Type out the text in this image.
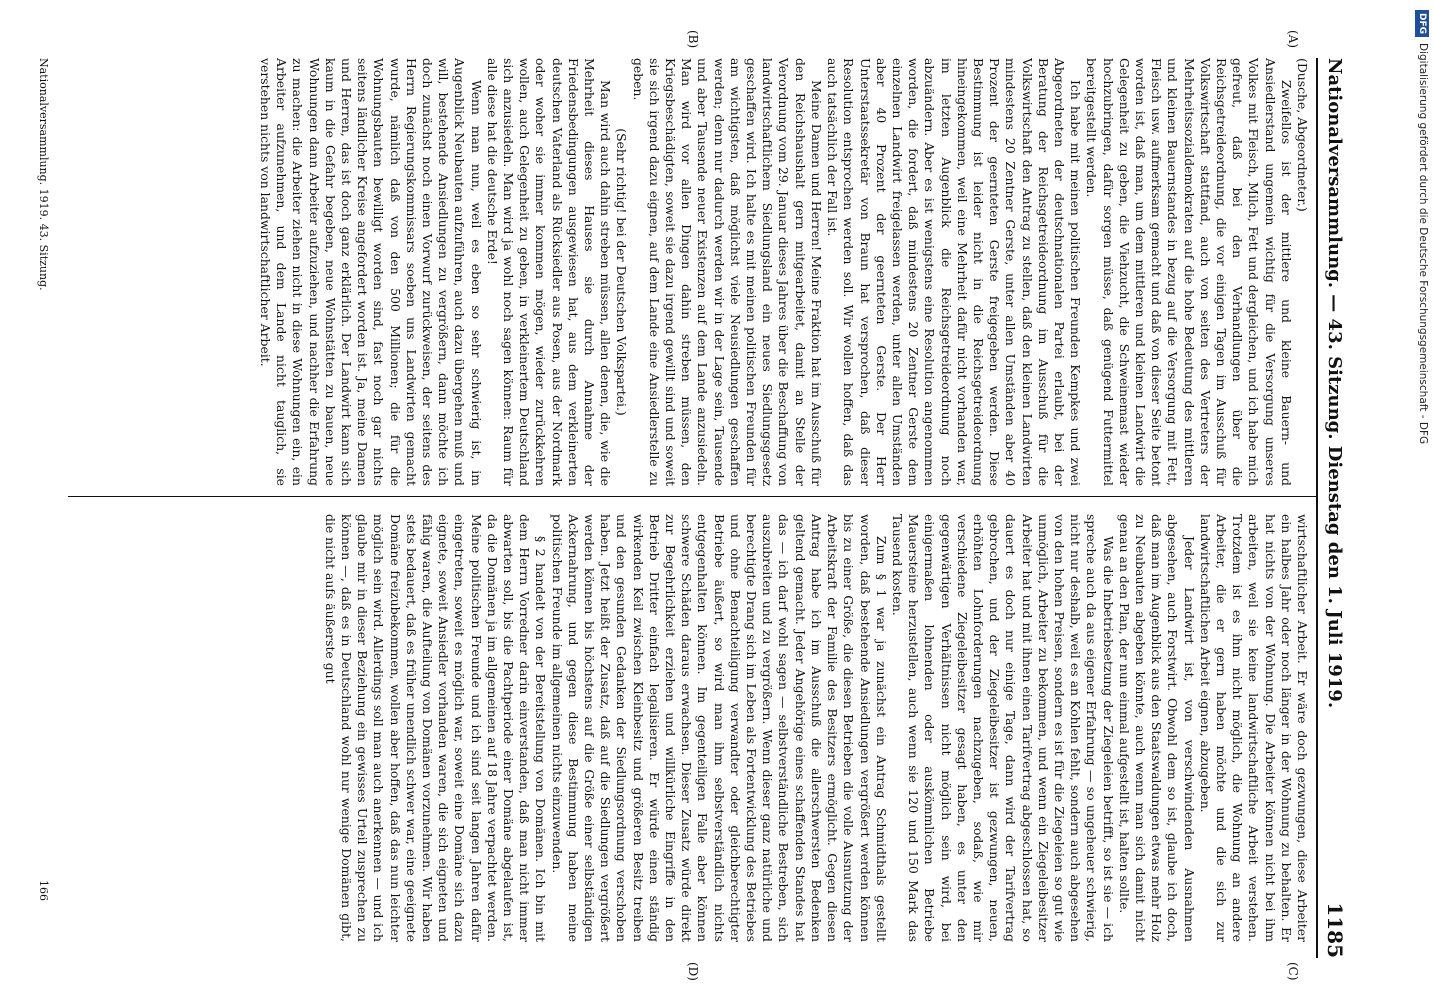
Nationalversammlung. — 43. Sitzung. Dienstag den 1. Juli 1919.
1185
(A)
(B)
(C)
(D)

(Dusche, Abgeordneter.)

Zweifellos ist der mittlere und kleine Bauern- und Ansiedlerstand ungemein wichtig für die Versorgung unseres Volkes mit Fleisch, Milch, Fett und dergleichen, und ich habe mich gefreut, daß bei den Verhandlungen über die Reichsgetreideordnung, die vor einigen Tagen im Ausschuß für Volkswirtschaft stattfand, auch von seiten des Vertreters der Mehrheitssozialdemokraten auf die hohe Bedeutung des mittleren und kleinen Bauernstandes in bezug auf die Versorgung mit Fett, Fleisch usw. aufmerksam gemacht und daß von dieser Seite betont worden ist, daß man, um dem mittleren und kleinen Landwirt die Gelegenheit zu geben, die Viehzucht, die Schweinemast wieder hochzubringen, dafür sorgen müsse, daß genügend Futtermittel bereitgestellt werden.

Ich habe mit meinen politischen Freunden Kempkes und zwei Abgeordneten der deutschnationalen Partei erlaubt, bei der Beratung der Reichsgetreideordnung im Ausschuß für die Volkswirtschaft den Antrag zu stellen, daß den kleinen Landwirten mindestens 20 Zentner Gerste, unter allen Umständen aber 40 Prozent der geernteten Gerste freigegeben werden. Diese Bestimmung ist leider nicht in die Reichsgetreideordnung hineingekommen, weil eine Mehrheit dafür nicht vorhanden war, im letzten Augenblick die Reichsgetreideordnung noch abzuändern. Aber es ist wenigstens eine Resolution angenommen worden, die fordert, daß mindestens 20 Zentner Gerste dem einzelnen Landwirt freigelassen werden, unter allen Umständen aber 40 Prozent der geernteten Gerste. Der Herr Unterstaatssekretär von Braun hat versprochen, daß dieser Resolution entsprochen werden soll. Wir wollen hoffen, daß das auch tatsächlich der Fall ist.

Meine Damen und Herren! Meine Fraktion hat im Ausschuß für den Reichshaushalt gern mitgearbeitet, damit an Stelle der Verordnung vom 29. Januar dieses Jahres über die Beschaffung von landwirtschaftlichem Siedlungsland ein neues Siedlungsgesetz geschaffen wird. Ich halte es mit meinen politischen Freunden für am wichtigsten, daß möglichst viele Neusiedlungen geschaffen werden; denn nur dadurch werden wir in der Lage sein, Tausende und aber Tausende neuer Existenzen auf dem Lande anzusiedeln. Man wird vor allen Dingen dahin streben müssen, den Kriegsbeschädigten, soweit sie dazu irgend gewillt sind und soweit sie sich irgend dazu eignen, auf dem Lande eine Ansiedlerstelle zu geben.

(Sehr richtig! bei der Deutschen Volkspartei.)

Man wird auch dahin streben müssen, allen denen, die, wie die Mehrheit dieses Hauses sie durch Annahme der Friedensbedingungen ausgewiesen hat, aus dem verkleinerten deutschen Vaterland als Rücksiedler aus Posen, aus der Nordmark oder woher sie immer kommen mögen, wieder zurückkehren wollen, auch Gelegenheit zu geben, in verkleinertem Deutschland sich anzusiedeln. Man wird ja wohl noch sagen können: Raum für alle diese hat die deutsche Erde!

Wenn man nun, weil es eben so sehr schwierig ist, im Augenblick Neubauten aufzuführen, auch dazu übergehen muß und will, bestehende Ansiedlungen zu vergrößern, dann möchte ich doch zunächst noch einen Vorwurf zurückweisen, der seitens des Herrn Regierungskommissars soeben uns Landwirten gemacht wurde, nämlich daß von den 500 Millionen; die für die Wohnungsbauten bewilligt worden sind, fast noch gar nichts seitens ländlicher Kreise angefordert worden ist. Ja, meine Damen und Herren, das ist doch ganz erklärlich. Der Landwirt kann sich kaum in die Gefahr begeben, neue Wohnstätten zu bauen, neue Wohnungen dann Arbeiter aufzuziehen, und nachher die Erfahrung zu machen: die Arbeiter ziehen nicht in diese Wohnungen ein, ein Arbeiter aufzunehmen, und dem Lande nicht tauglich, sie verstehen nichts von landwirtschaftlicher Arbeit.

wirtschaftlicher Arbeit. Er wäre doch gezwungen, diese Arbeiter ein halbes Jahr oder noch länger in der Wohnung zu behalten. Er hat nichts von der Wohnung. Die Arbeiter können nicht bei ihm arbeiten, weil sie keine landwirtschaftliche Arbeit verstehen. Trotzdem ist es ihm nicht möglich, die Wohnung an andere Arbeiter, die er gern haben möchte und die sich zur landwirtschaftlichen Arbeit eignen, abzugeben.

Jeder Landwirt ist, von verschwindenden Ausnahmen abgesehen, auch Forstwirt. Obwohl dem so ist, glaube ich doch, daß man im Augenblick aus den Staatswaldungen etwas mehr Holz zu Neubauten abgeben könnte, auch wenn man sich damit nicht genau an den Plan, der nun einmal aufgestellt ist, halten sollte.

Was die Inbetriebsetzung der Ziegeleien betrifft, so ist sie — ich spreche auch da aus eigener Erfahrung — so ungeheuer schwierig, nicht nur deshalb, weil es an Kohlen fehlt, sondern auch abgesehen von den hohen Preisen, sondern es ist für die Ziegeleien so gut wie unmöglich, Arbeiter zu bekommen, und wenn ein Ziegeleibesitzer Arbeiter hat und mit ihnen einen Tarifvertrag abgeschlossen hat, so dauert es doch nur einige Tage, dann wird der Tarifvertrag gebrochen, und der Ziegeleibesitzer ist gezwungen, neuen, erhöhten Lohnforderungen nachzugeben, sodaß, wie mir verschiedene Ziegeleibesitzer gesagt haben, es unter den gegenwärtigen Verhältnissen nicht möglich sein wird, bei einigermaßen lohnenden oder auskömmlichen Betriebe Mauersteine herzustellen, auch wenn sie 120 und 150 Mark das Tausend kosten.

Zum § 1 war ja zunächst ein Antrag Schmidthals gestellt worden, daß bestehende Ansiedlungen vergrößert werden können bis zu einer Größe, die diesen Betrieben die volle Ausnutzung der Arbeitskraft der Familie des Besitzers ermöglicht. Gegen diesen Antrag habe ich im Ausschuß die allerschwersten Bedenken geltend gemacht. Jeder Angehörige eines schaffenden Standes hat das — ich darf wohl sagen — selbstverständliche Bestreben, sich auszubreiten und zu vergrößern. Wenn dieser ganz natürliche und berechtigte Drang sich im Leben als Fortentwicklung des Betriebes und ohne Benachteiligung verwandter oder gleichberechtigter Betriebe äußert, so wird man ihm selbstverständlich nichts entgegenhalten können. Im gegenteiligen Falle aber können schwere Schäden daraus erwachsen. Dieser Zusatz würde direkt zur Begehrlichkeit erziehen und willkürliche Eingriffe in den Betrieb Dritter einfach legalisieren. Er würde einen ständig wirkenden Keil zwischen Kleinbesitz und größeren Besitz treiben und den gesunden Gedanken der Siedlungsordnung verschoben haben. Jetzt heißt der Zusatz, daß auf die Siedlungen vergrößert werden können bis höchstens auf die Größe einer selbständigen Ackernahrung, und gegen diese Bestimmung haben meine politischen Freunde im allgemeinen nichts einzuwenden.

§ 2 handelt von der Bereitstellung von Domänen. Ich bin mit dem Herrn Vorredner darin einverstanden, daß man nicht immer abwarten soll, bis die Pachtperiode einer Domäne abgelaufen ist, da die Domänen ja im allgemeinen auf 18 Jahre verpachtet werden. Meine politischen Freunde und ich sind seit langen Jahren dafür eingetreten, soweit es möglich war, soweit eine Domäne sich dazu eignete, soweit Ansiedler vorhanden waren, die sich eigneten und fähig waren, die Aufteilung von Domänen vorzunehmen. Wir haben stets bedauert, daß es früher unendlich schwer war, eine geeignete Domäne freizubekommen, wollen aber hoffen, daß das nun leichter möglich sein wird. Allerdings soll man auch anerkennen — und ich glaube mir in dieser Beziehung ein gewisses Urteil zusprechen zu können —, daß es in Deutschland wohl nur wenige Domänen gibt, die nicht aufs äußerste gut

Nationalversammlung. 1919. 43. Sitzung.
166
DFGDigitalisierung gefördert durch die Deutsche Forschungsgemeinschaft - DFG
